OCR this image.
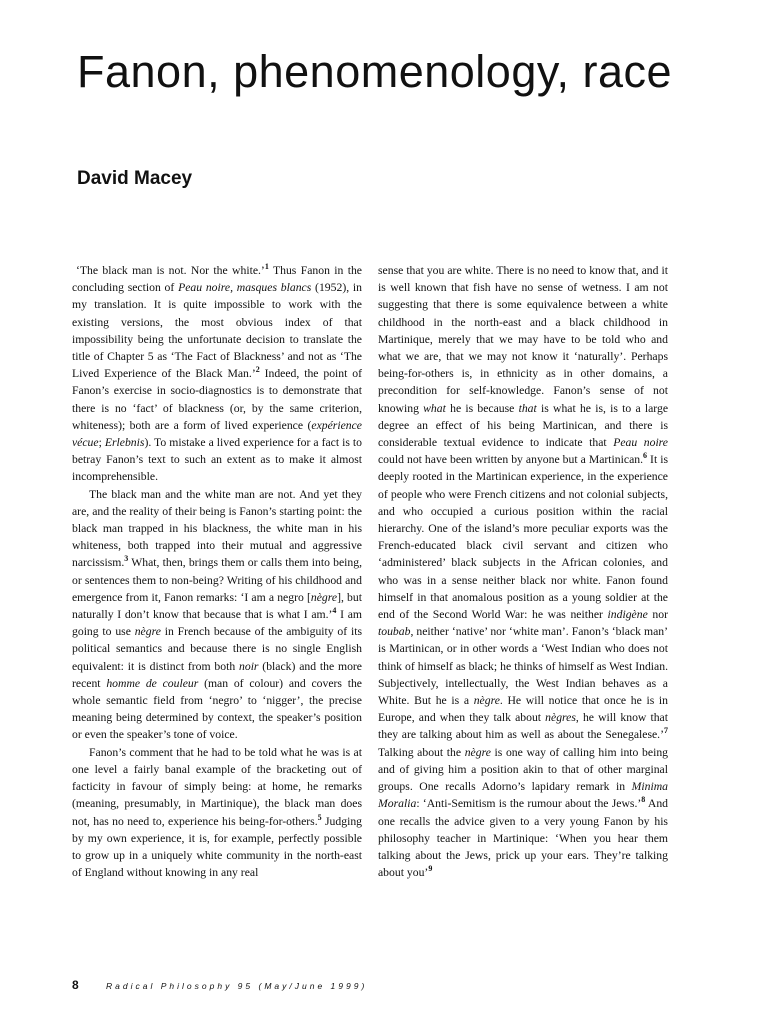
Fanon, phenomenology, race
David Macey

‘The black man is not. Nor the white.’$^1$ Thus Fanon in the concluding section of Peau noire, masques blancs (1952), in my translation. It is quite impossible to work with the existing versions, the most obvious index of that impossibility being the unfortunate decision to translate the title of Chapter 5 as ‘The Fact of Blackness’ and not as ‘The Lived Experience of the Black Man.’$^2$ Indeed, the point of Fanon’s exercise in socio-diagnostics is to demonstrate that there is no ‘fact’ of blackness (or, by the same criterion, whiteness); both are a form of lived experience (expérience vécue; Erlebnis). To mistake a lived experience for a fact is to betray Fanon’s text to such an extent as to make it almost incomprehensible.

The black man and the white man are not. And yet they are, and the reality of their being is Fanon’s starting point: the black man trapped in his blackness, the white man in his whiteness, both trapped into their mutual and aggressive narcissism.$^3$ What, then, brings them or calls them into being, or sentences them to non-being? Writing of his childhood and emergence from it, Fanon remarks: ‘I am a negro [nègre], but naturally I don’t know that because that is what I am.’$^4$ I am going to use nègre in French because of the ambiguity of its political semantics and because there is no single English equivalent: it is distinct from both noir (black) and the more recent homme de couleur (man of colour) and covers the whole semantic field from ‘negro’ to ‘nigger’, the precise meaning being determined by context, the speaker’s position or even the speaker’s tone of voice.

Fanon’s comment that he had to be told what he was is at one level a fairly banal example of the bracketing out of facticity in favour of simply being: at home, he remarks (meaning, presumably, in Martinique), the black man does not, has no need to, experience his being-for-others.$^5$ Judging by my own experience, it is, for example, perfectly possible to grow up in a uniquely white community in the north-east of England without knowing in any real

sense that you are white. There is no need to know that, and it is well known that fish have no sense of wetness. I am not suggesting that there is some equivalence between a white childhood in the north-east and a black childhood in Martinique, merely that we may have to be told who and what we are, that we may not know it ‘naturally’. Perhaps being-for-others is, in ethnicity as in other domains, a precondition for self-knowledge. Fanon’s sense of not knowing what he is because that is what he is, is to a large degree an effect of his being Martinican, and there is considerable textual evidence to indicate that Peau noire could not have been written by anyone but a Martinican.$^6$ It is deeply rooted in the Martinican experience, in the experience of people who were French citizens and not colonial subjects, and who occupied a curious position within the racial hierarchy. One of the island’s more peculiar exports was the French-educated black civil servant and citizen who ‘administered’ black subjects in the African colonies, and who was in a sense neither black nor white. Fanon found himself in that anomalous position as a young soldier at the end of the Second World War: he was neither indigène nor toubab, neither ‘native’ nor ‘white man’. Fanon’s ‘black man’ is Martinican, or in other words a ‘West Indian who does not think of himself as black; he thinks of himself as West Indian. Subjectively, intellectually, the West Indian behaves as a White. But he is a nègre. He will notice that once he is in Europe, and when they talk about nègres, he will know that they are talking about him as well as about the Senegalese.’$^7$ Talking about the nègre is one way of calling him into being and of giving him a position akin to that of other marginal groups. One recalls Adorno’s lapidary remark in Minima Moralia: ‘Anti-Semitism is the rumour about the Jews.’$^8$ And one recalls the advice given to a very young Fanon by his philosophy teacher in Martinique: ‘When you hear them talking about the Jews, prick up your ears. They’re talking about you’$^9$

8	Radical Philosophy 95 (May/June 1999)
